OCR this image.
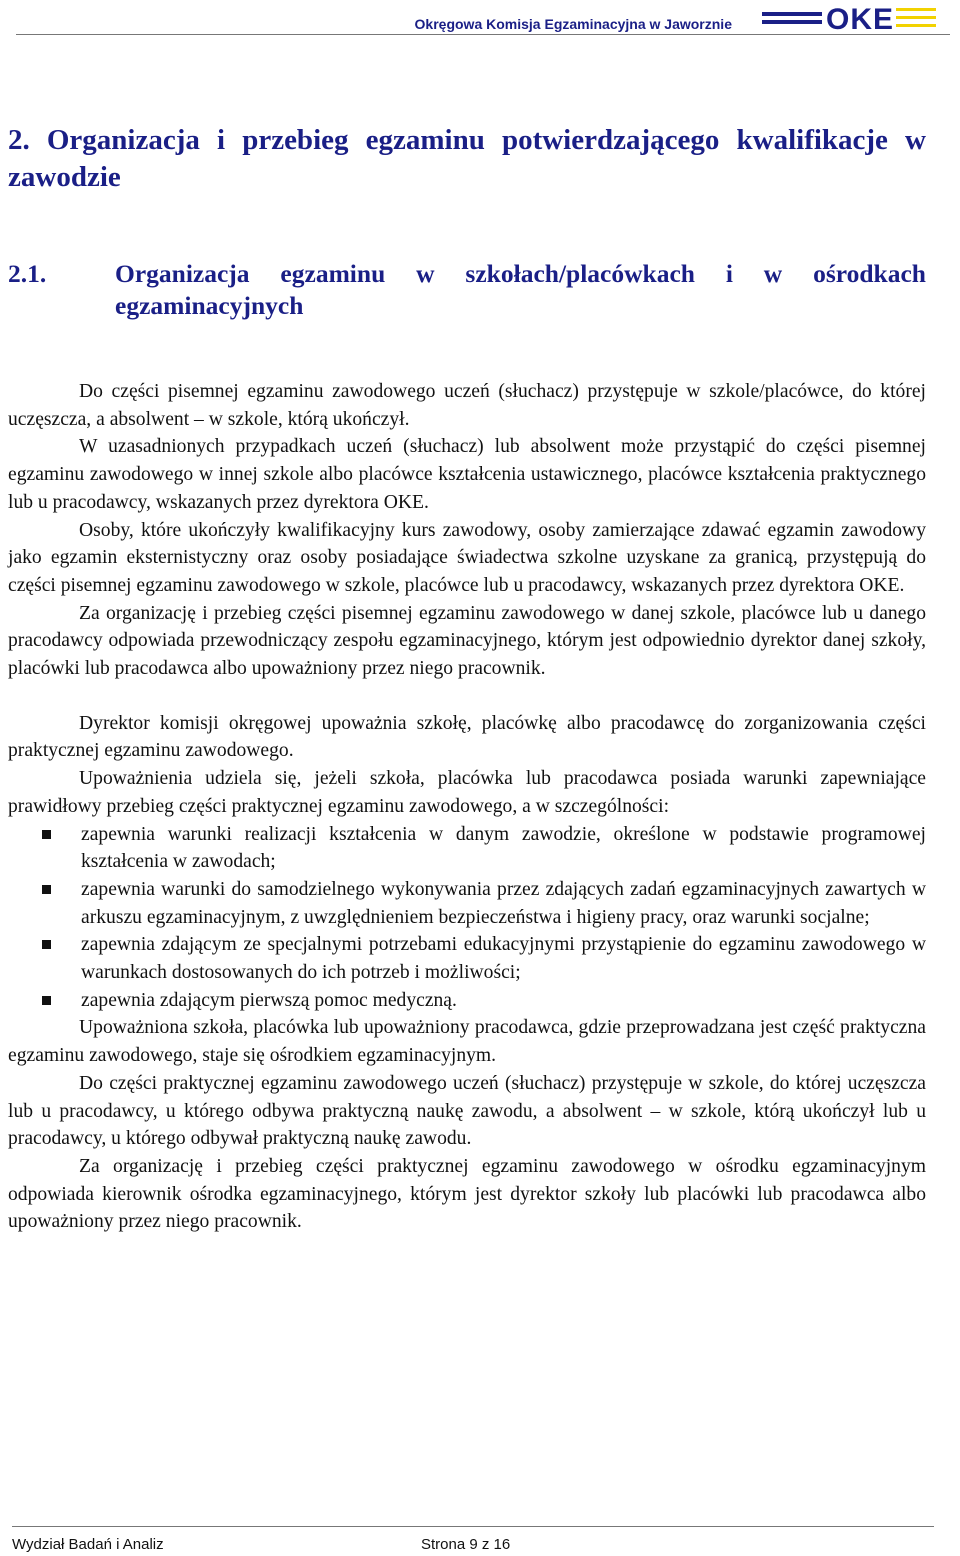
Okręgowa Komisja Egzaminacyjna w Jaworznie	OKE
2. Organizacja i przebieg egzaminu potwierdzającego kwalifikacje w zawodzie
2.1.	Organizacja egzaminu w szkołach/placówkach i w ośrodkach egzaminacyjnych

Do części pisemnej egzaminu zawodowego uczeń (słuchacz) przystępuje w szkole/placówce, do której uczęszcza, a absolwent – w szkole, którą ukończył.

W uzasadnionych przypadkach uczeń (słuchacz) lub absolwent może przystąpić do części pisemnej egzaminu zawodowego w innej szkole albo placówce kształcenia ustawicznego, placówce kształcenia praktycznego lub u pracodawcy, wskazanych przez dyrektora OKE.

Osoby, które ukończyły kwalifikacyjny kurs zawodowy, osoby zamierzające zdawać egzamin zawodowy jako egzamin eksternistyczny oraz osoby posiadające świadectwa szkolne uzyskane za granicą, przystępują do części pisemnej egzaminu zawodowego w szkole, placówce lub u pracodawcy, wskazanych przez dyrektora OKE.

Za organizację i przebieg części pisemnej egzaminu zawodowego w danej szkole, placówce lub u danego pracodawcy odpowiada przewodniczący zespołu egzaminacyjnego, którym jest odpowiednio dyrektor danej szkoły, placówki lub pracodawca albo upoważniony przez niego pracownik.

Dyrektor komisji okręgowej upoważnia szkołę, placówkę albo pracodawcę do zorganizowania części praktycznej egzaminu zawodowego.

Upoważnienia udziela się, jeżeli szkoła, placówka lub pracodawca posiada warunki zapewniające prawidłowy przebieg części praktycznej egzaminu zawodowego, a w szczególności:

zapewnia warunki realizacji kształcenia w danym zawodzie, określone w podstawie programowej kształcenia w zawodach;
zapewnia warunki do samodzielnego wykonywania przez zdających zadań egzaminacyjnych zawartych w arkuszu egzaminacyjnym, z uwzględnieniem bezpieczeństwa i higieny pracy, oraz warunki socjalne;
zapewnia zdającym ze specjalnymi potrzebami edukacyjnymi przystąpienie do egzaminu zawodowego w warunkach dostosowanych do ich potrzeb i możliwości;
zapewnia zdającym pierwszą pomoc medyczną.

Upoważniona szkoła, placówka lub upoważniony pracodawca, gdzie przeprowadzana jest część praktyczna egzaminu zawodowego, staje się ośrodkiem egzaminacyjnym.

Do części praktycznej egzaminu zawodowego uczeń (słuchacz) przystępuje w szkole, do której uczęszcza lub u pracodawcy, u którego odbywa praktyczną naukę zawodu, a absolwent – w szkole, którą ukończył lub u pracodawcy, u którego odbywał praktyczną naukę zawodu.

Za organizację i przebieg części praktycznej egzaminu zawodowego w ośrodku egzaminacyjnym odpowiada kierownik ośrodka egzaminacyjnego, którym jest dyrektor szkoły lub placówki lub pracodawca albo upoważniony przez niego pracownik.

Wydział Badań i Analiz	Strona 9 z 16
